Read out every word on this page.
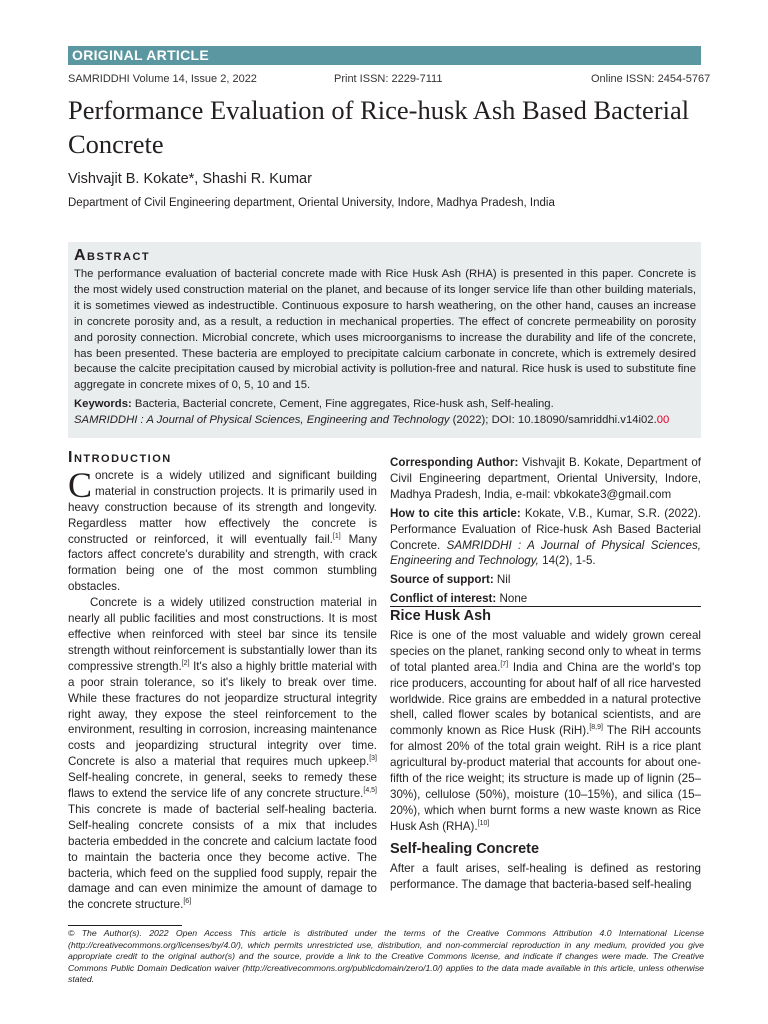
ORIGINAL ARTICLE
SAMRIDDHI Volume 14, Issue 2, 2022	Print ISSN: 2229-7111	Online ISSN: 2454-5767
Performance Evaluation of Rice-husk Ash Based Bacterial Concrete
Vishvajit B. Kokate*, Shashi R. Kumar
Department of Civil Engineering department, Oriental University, Indore, Madhya Pradesh, India
Abstract
The performance evaluation of bacterial concrete made with Rice Husk Ash (RHA) is presented in this paper. Concrete is the most widely used construction material on the planet, and because of its longer service life than other building materials, it is sometimes viewed as indestructible. Continuous exposure to harsh weathering, on the other hand, causes an increase in concrete porosity and, as a result, a reduction in mechanical properties. The effect of concrete permeability on porosity and porosity connection. Microbial concrete, which uses microorganisms to increase the durability and life of the concrete, has been presented. These bacteria are employed to precipitate calcium carbonate in concrete, which is extremely desired because the calcite precipitation caused by microbial activity is pollution-free and natural. Rice husk is used to substitute fine aggregate in concrete mixes of 0, 5, 10 and 15.
Keywords: Bacteria, Bacterial concrete, Cement, Fine aggregates, Rice-husk ash, Self-healing.
SAMRIDDHI : A Journal of Physical Sciences, Engineering and Technology (2022); DOI: 10.18090/samriddhi.v14i02.00
Introduction

Concrete is a widely utilized and significant building material in construction projects. It is primarily used in heavy construction because of its strength and longevity. Regardless matter how effectively the concrete is constructed or reinforced, it will eventually fail.[1] Many factors affect concrete's durability and strength, with crack formation being one of the most common stumbling obstacles.

Concrete is a widely utilized construction material in nearly all public facilities and most constructions. It is most effective when reinforced with steel bar since its tensile strength without reinforcement is substantially lower than its compressive strength.[2] It's also a highly brittle material with a poor strain tolerance, so it's likely to break over time. While these fractures do not jeopardize structural integrity right away, they expose the steel reinforcement to the environment, resulting in corrosion, increasing maintenance costs and jeopardizing structural integrity over time. Concrete is also a material that requires much upkeep.[3] Self-healing concrete, in general, seeks to remedy these flaws to extend the service life of any concrete structure.[4,5] This concrete is made of bacterial self-healing bacteria. Self-healing concrete consists of a mix that includes bacteria embedded in the concrete and calcium lactate food to maintain the bacteria once they become active. The bacteria, which feed on the supplied food supply, repair the damage and can even minimize the amount of damage to the concrete structure.[6]

Corresponding Author: Vishvajit B. Kokate, Department of Civil Engineering department, Oriental University, Indore, Madhya Pradesh, India, e-mail: vbkokate3@gmail.com

How to cite this article: Kokate, V.B., Kumar, S.R. (2022). Performance Evaluation of Rice-husk Ash Based Bacterial Concrete. SAMRIDDHI : A Journal of Physical Sciences, Engineering and Technology, 14(2), 1-5.

Source of support: Nil

Conflict of interest: None

Rice Husk Ash

Rice is one of the most valuable and widely grown cereal species on the planet, ranking second only to wheat in terms of total planted area.[7] India and China are the world's top rice producers, accounting for about half of all rice harvested worldwide. Rice grains are embedded in a natural protective shell, called flower scales by botanical scientists, and are commonly known as Rice Husk (RiH).[8,9] The RiH accounts for almost 20% of the total grain weight. RiH is a rice plant agricultural by-product material that accounts for about one-fifth of the rice weight; its structure is made up of lignin (25–30%), cellulose (50%), moisture (10–15%), and silica (15–20%), which when burnt forms a new waste known as Rice Husk Ash (RHA).[10]

Self-healing Concrete

After a fault arises, self-healing is defined as restoring performance. The damage that bacteria-based self-healing

© The Author(s). 2022 Open Access This article is distributed under the terms of the Creative Commons Attribution 4.0 International License (http://creativecommons.org/licenses/by/4.0/), which permits unrestricted use, distribution, and non-commercial reproduction in any medium, provided you give appropriate credit to the original author(s) and the source, provide a link to the Creative Commons license, and indicate if changes were made. The Creative Commons Public Domain Dedication waiver (http://creativecommons.org/publicdomain/zero/1.0/) applies to the data made available in this article, unless otherwise stated.
